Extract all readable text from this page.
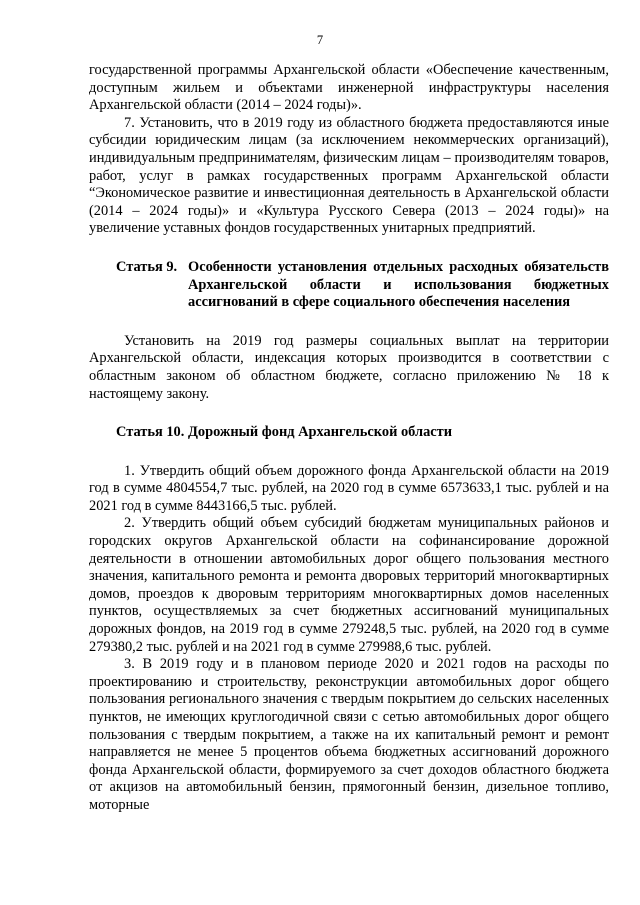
7

государственной программы Архангельской области «Обеспечение качественным, доступным жильем и объектами инженерной инфраструктуры населения Архангельской области (2014 – 2024 годы)».

7. Установить, что в 2019 году из областного бюджета предоставляются иные субсидии юридическим лицам (за исключением некоммерческих организаций), индивидуальным предпринимателям, физическим лицам – производителям товаров, работ, услуг в рамках государственных программ Архангельской области “Экономическое развитие и инвестиционная деятельность в Архангельской области (2014 – 2024 годы)» и «Культура Русского Севера (2013 – 2024 годы)» на увеличение уставных фондов государственных унитарных предприятий.

Статья 9. Особенности установления отдельных расходных обязательств Архангельской области и использования бюджетных ассигнований в сфере социального обеспечения населения

Установить на 2019 год размеры социальных выплат на территории Архангельской области, индексация которых производится в соответствии с областным законом об областном бюджете, согласно приложению № 18 к настоящему закону.

Статья 10. Дорожный фонд Архангельской области

1. Утвердить общий объем дорожного фонда Архангельской области на 2019 год в сумме 4804554,7 тыс. рублей, на 2020 год в сумме 6573633,1 тыс. рублей и на 2021 год в сумме 8443166,5 тыс. рублей.

2. Утвердить общий объем субсидий бюджетам муниципальных районов и городских округов Архангельской области на софинансирование дорожной деятельности в отношении автомобильных дорог общего пользования местного значения, капитального ремонта и ремонта дворовых территорий многоквартирных домов, проездов к дворовым территориям многоквартирных домов населенных пунктов, осуществляемых за счет бюджетных ассигнований муниципальных дорожных фондов, на 2019 год в сумме 279248,5 тыс. рублей, на 2020 год в сумме 279380,2 тыс. рублей и на 2021 год в сумме 279988,6 тыс. рублей.

3. В 2019 году и в плановом периоде 2020 и 2021 годов на расходы по проектированию и строительству, реконструкции автомобильных дорог общего пользования регионального значения с твердым покрытием до сельских населенных пунктов, не имеющих круглогодичной связи с сетью автомобильных дорог общего пользования с твердым покрытием, а также на их капитальный ремонт и ремонт направляется не менее 5 процентов объема бюджетных ассигнований дорожного фонда Архангельской области, формируемого за счет доходов областного бюджета от акцизов на автомобильный бензин, прямогонный бензин, дизельное топливо, моторные
